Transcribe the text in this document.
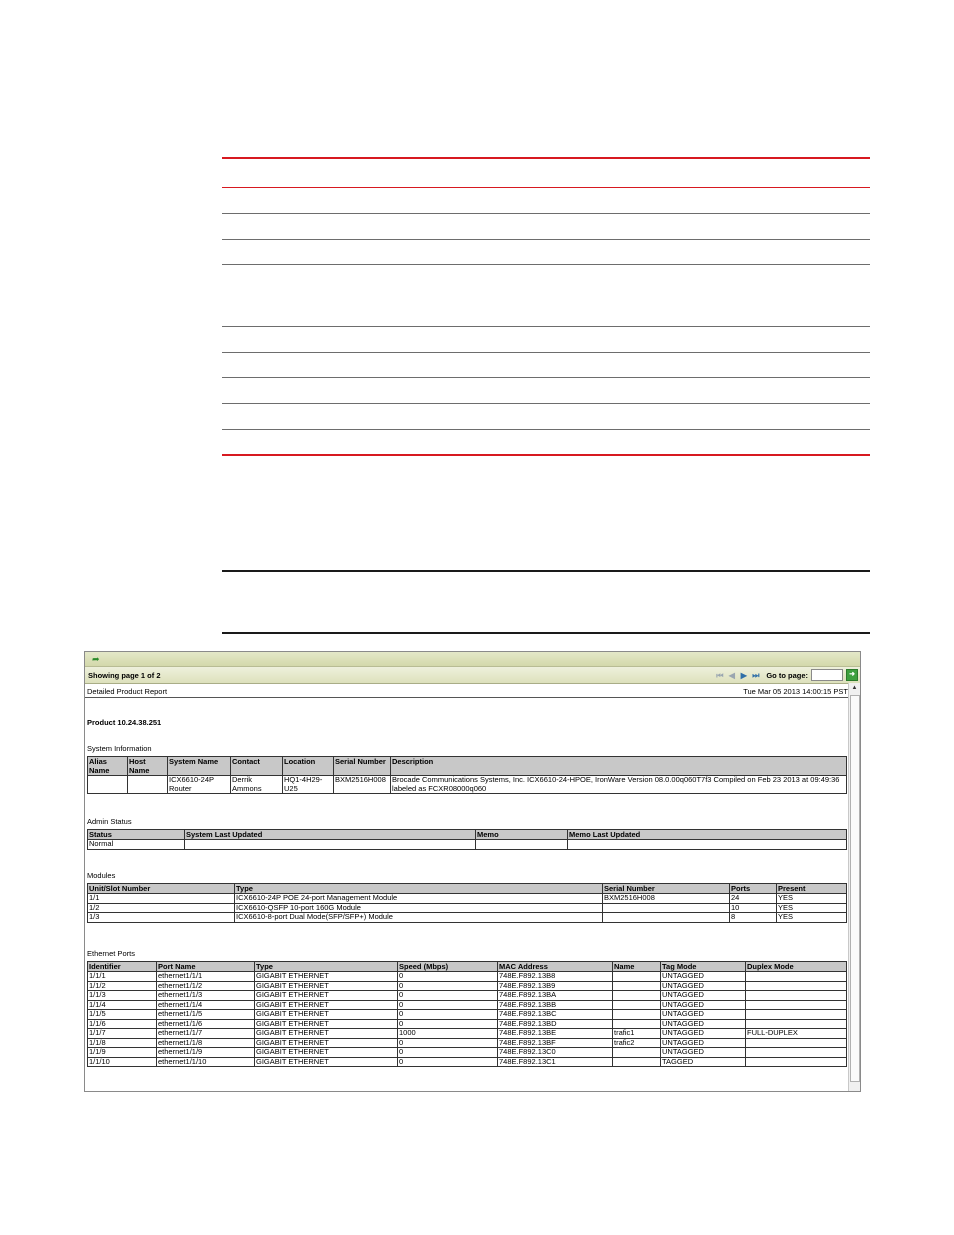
➦
Showing page 1 of 2	⏮ ◀ ▶ ⏭ Go to page:	➜
Detailed Product Report	Tue Mar 05 2013 14:00:15 PST
Product 10.24.38.251
System Information
Alias Name	Host Name	System Name	Contact	Location	Serial Number	Description
		ICX6610-24P Router	Derrik Ammons	HQ1-4H29-U25	BXM2516H008	Brocade Communications Systems, Inc. ICX6610-24-HPOE, IronWare Version 08.0.00q060T7f3 Compiled on Feb 23 2013 at 09:49:36 labeled as FCXR08000q060
Admin Status
Status	System Last Updated	Memo	Memo Last Updated
Normal			
Modules
Unit/Slot Number	Type	Serial Number	Ports	Present
1/1	ICX6610-24P POE 24-port Management Module	BXM2516H008	24	YES
1/2	ICX6610-QSFP 10-port 160G Module		10	YES
1/3	ICX6610-8-port Dual Mode(SFP/SFP+) Module		8	YES
Ethernet Ports
Identifier	Port Name	Type	Speed (Mbps)	MAC Address	Name	Tag Mode	Duplex Mode
1/1/1	ethernet1/1/1	GIGABIT ETHERNET	0	748E.F892.13B8		UNTAGGED	
1/1/2	ethernet1/1/2	GIGABIT ETHERNET	0	748E.F892.13B9		UNTAGGED	
1/1/3	ethernet1/1/3	GIGABIT ETHERNET	0	748E.F892.13BA		UNTAGGED	
1/1/4	ethernet1/1/4	GIGABIT ETHERNET	0	748E.F892.13BB		UNTAGGED	
1/1/5	ethernet1/1/5	GIGABIT ETHERNET	0	748E.F892.13BC		UNTAGGED	
1/1/6	ethernet1/1/6	GIGABIT ETHERNET	0	748E.F892.13BD		UNTAGGED	
1/1/7	ethernet1/1/7	GIGABIT ETHERNET	1000	748E.F892.13BE	trafic1	UNTAGGED	FULL-DUPLEX
1/1/8	ethernet1/1/8	GIGABIT ETHERNET	0	748E.F892.13BF	trafic2	UNTAGGED	
1/1/9	ethernet1/1/9	GIGABIT ETHERNET	0	748E.F892.13C0		UNTAGGED	
1/1/10	ethernet1/1/10	GIGABIT ETHERNET	0	748E.F892.13C1		TAGGED	
▲
